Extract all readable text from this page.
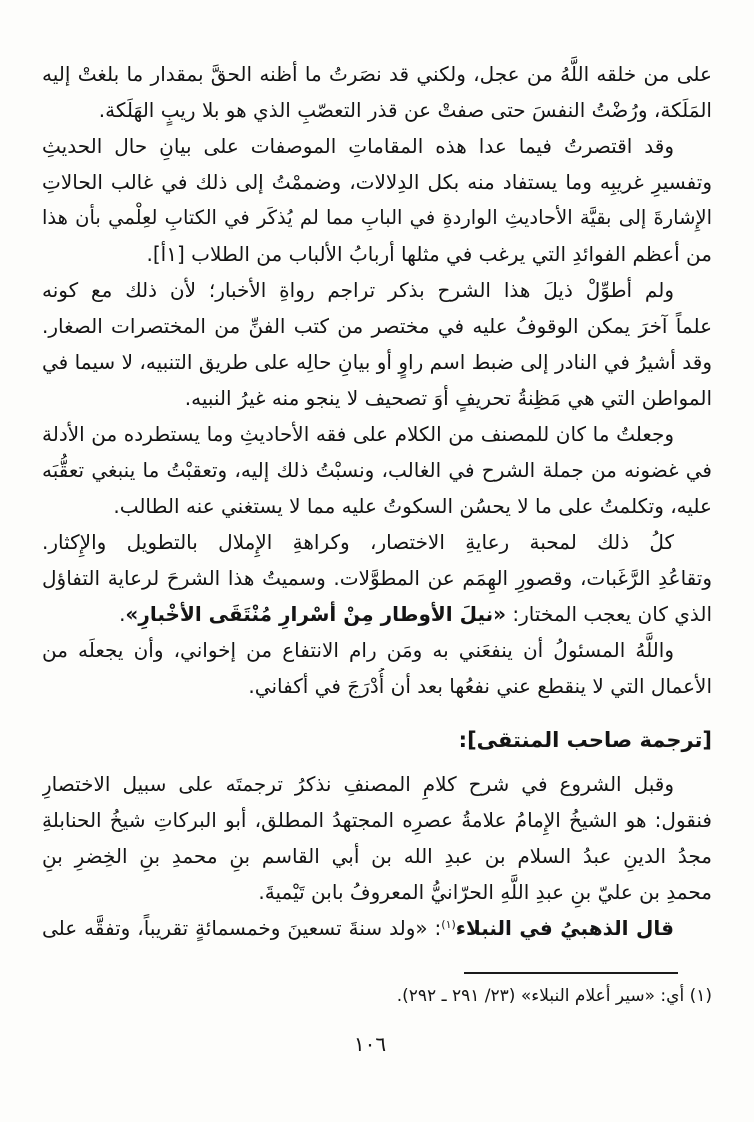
على من خلقه اللَّهُ من عجل، ولكني قد نصَرتُ ما أظنه الحقَّ بمقدار ما بلغتْ إليه
المَلَكة، ورُضْتُ النفسَ حتى صفتْ عن قذر التعصّبِ الذي هو بلا ريبٍ الهَلَكة.
وقد اقتصرتُ فيما عدا هذه المقاماتِ الموصفات على بيانِ حال الحديثِ
وتفسيرِ غريبِه وما يستفاد منه بكل الدِلالات، وضممْتُ إلى ذلك في غالب الحالاتِ
الإِشارةَ إلى بقيَّة الأحاديثِ الواردةِ في البابِ مما لم يُذكَر في الكتابِ لعِلْمي بأن هذا
من أعظم الفوائدِ التي يرغب في مثلها أربابُ الألباب من الطلاب [١أ].
ولم أطوِّلْ ذيلَ هذا الشرح بذكر تراجم رواةِ الأخبار؛ لأن ذلك مع كونه
علماً آخرَ يمكن الوقوفُ عليه في مختصر من كتب الفنِّ من المختصرات الصغار.
وقد أشيرُ في النادر إلى ضبط اسم راوٍ أو بيانِ حالِه على طريق التنبيه، لا سيما في
المواطن التي هي مَظِنةُ تحريفٍ أوَ تصحيف لا ينجو منه غيرُ النبيه.
وجعلتُ ما كان للمصنف من الكلام على فقه الأحاديثِ وما يستطرده من الأدلة
في غضونه من جملة الشرح في الغالب، ونسبْتُ ذلك إليه، وتعقبْتُ ما ينبغي تعقُّبَه
عليه، وتكلمتُ على ما لا يحسُن السكوتُ عليه مما لا يستغني عنه الطالب.
كلُ ذلك لمحبة رعايةِ الاختصار، وكراهةِ الإِملال بالتطويل والإِكثار.
وتقاعُدِ الرَّغَبات، وقصورِ الهِمَم عن المطوَّلات. وسميتُ هذا الشرحَ لرعاية التفاؤل
الذي كان يعجب المختار: «نيلَ الأوطار مِنْ أسْرارِ مُنْتَقَى الأخْبارِ».
واللَّهُ المسئولُ أن ينفعَني به ومَن رام الانتفاع من إخواني، وأن يجعلَه من
الأعمال التي لا ينقطع عني نفعُها بعد أن أُدْرَجَ في أكفاني.
[ترجمة صاحب المنتقى]:
وقبل الشروع في شرح كلامِ المصنفِ نذكرُ ترجمتَه على سبيل الاختصارِ
فنقول: هو الشيخُ الإِمامُ علامةُ عصرِه المجتهدُ المطلق، أبو البركاتِ شيخُ الحنابلةِ
مجدُ الدينِ عبدُ السلام بن عبدِ الله بن أبي القاسم بنِ محمدِ بنِ الخِضرِ بنِ
محمدِ بن عليّ بنِ عبدِ اللَّهِ الحرّانيُّ المعروفُ بابن تَيْميةَ.
قال الذهبيُ في النبلاء$^{(١)}$: «ولد سنةَ تسعينَ وخمسمائةٍ تقريباً، وتفقَّه على
(١) أي: «سير أعلام النبلاء» (٢٣/ ٢٩١ ـ ٢٩٢).
١٠٦
